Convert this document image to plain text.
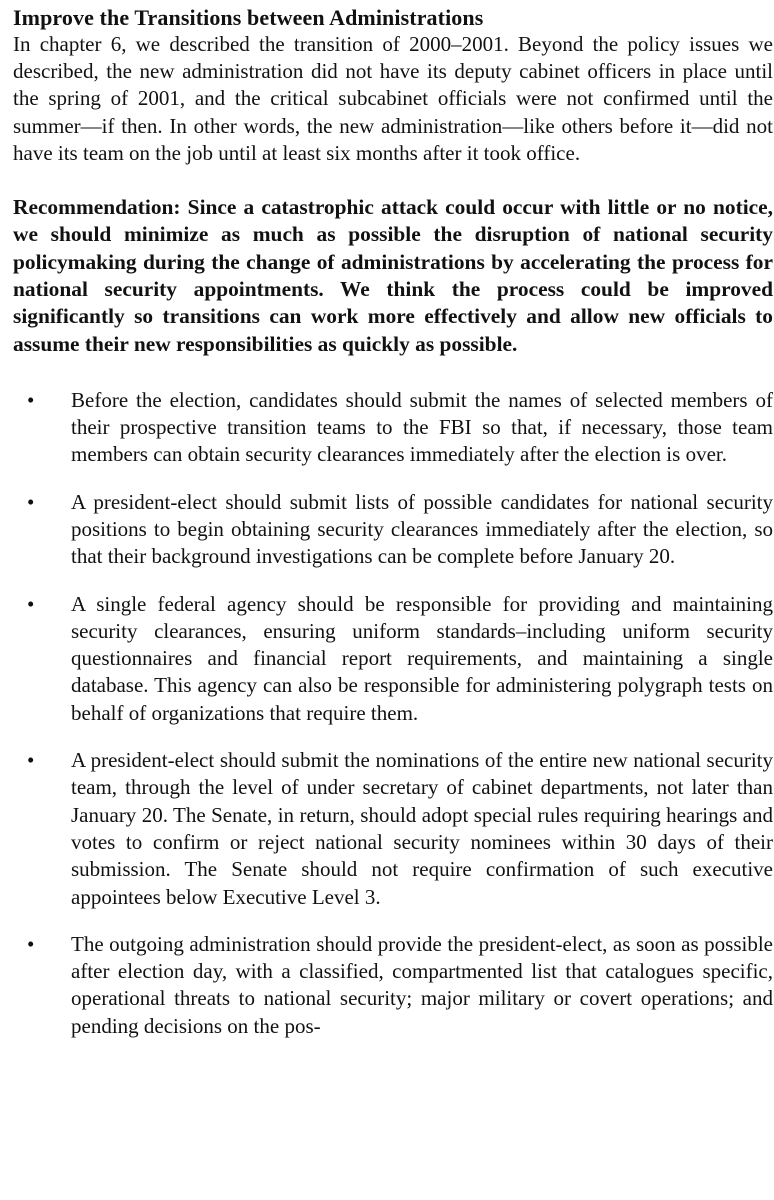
Improve the Transitions between Administrations

In chapter 6, we described the transition of 2000–2001. Beyond the policy issues we described, the new administration did not have its deputy cabinet officers in place until the spring of 2001, and the critical subcabinet officials were not confirmed until the summer—if then. In other words, the new administration—like others before it—did not have its team on the job until at least six months after it took office.

Recommendation: Since a catastrophic attack could occur with little or no notice, we should minimize as much as possible the disruption of national security policymaking during the change of administrations by accelerating the process for national security appointments. We think the process could be improved significantly so transitions can work more effectively and allow new officials to assume their new responsibilities as quickly as possible.

• Before the election, candidates should submit the names of selected members of their prospective transition teams to the FBI so that, if necessary, those team members can obtain security clearances immediately after the election is over.
• A president-elect should submit lists of possible candidates for national security positions to begin obtaining security clearances immediately after the election, so that their background investigations can be complete before January 20.
• A single federal agency should be responsible for providing and maintaining security clearances, ensuring uniform standards–including uniform security questionnaires and financial report requirements, and maintaining a single database. This agency can also be responsible for administering polygraph tests on behalf of organizations that require them.
• A president-elect should submit the nominations of the entire new national security team, through the level of under secretary of cabinet departments, not later than January 20. The Senate, in return, should adopt special rules requiring hearings and votes to confirm or reject national security nominees within 30 days of their submission. The Senate should not require confirmation of such executive appointees below Executive Level 3.
• The outgoing administration should provide the president-elect, as soon as possible after election day, with a classified, compartmented list that catalogues specific, operational threats to national security; major military or covert operations; and pending decisions on the pos-
